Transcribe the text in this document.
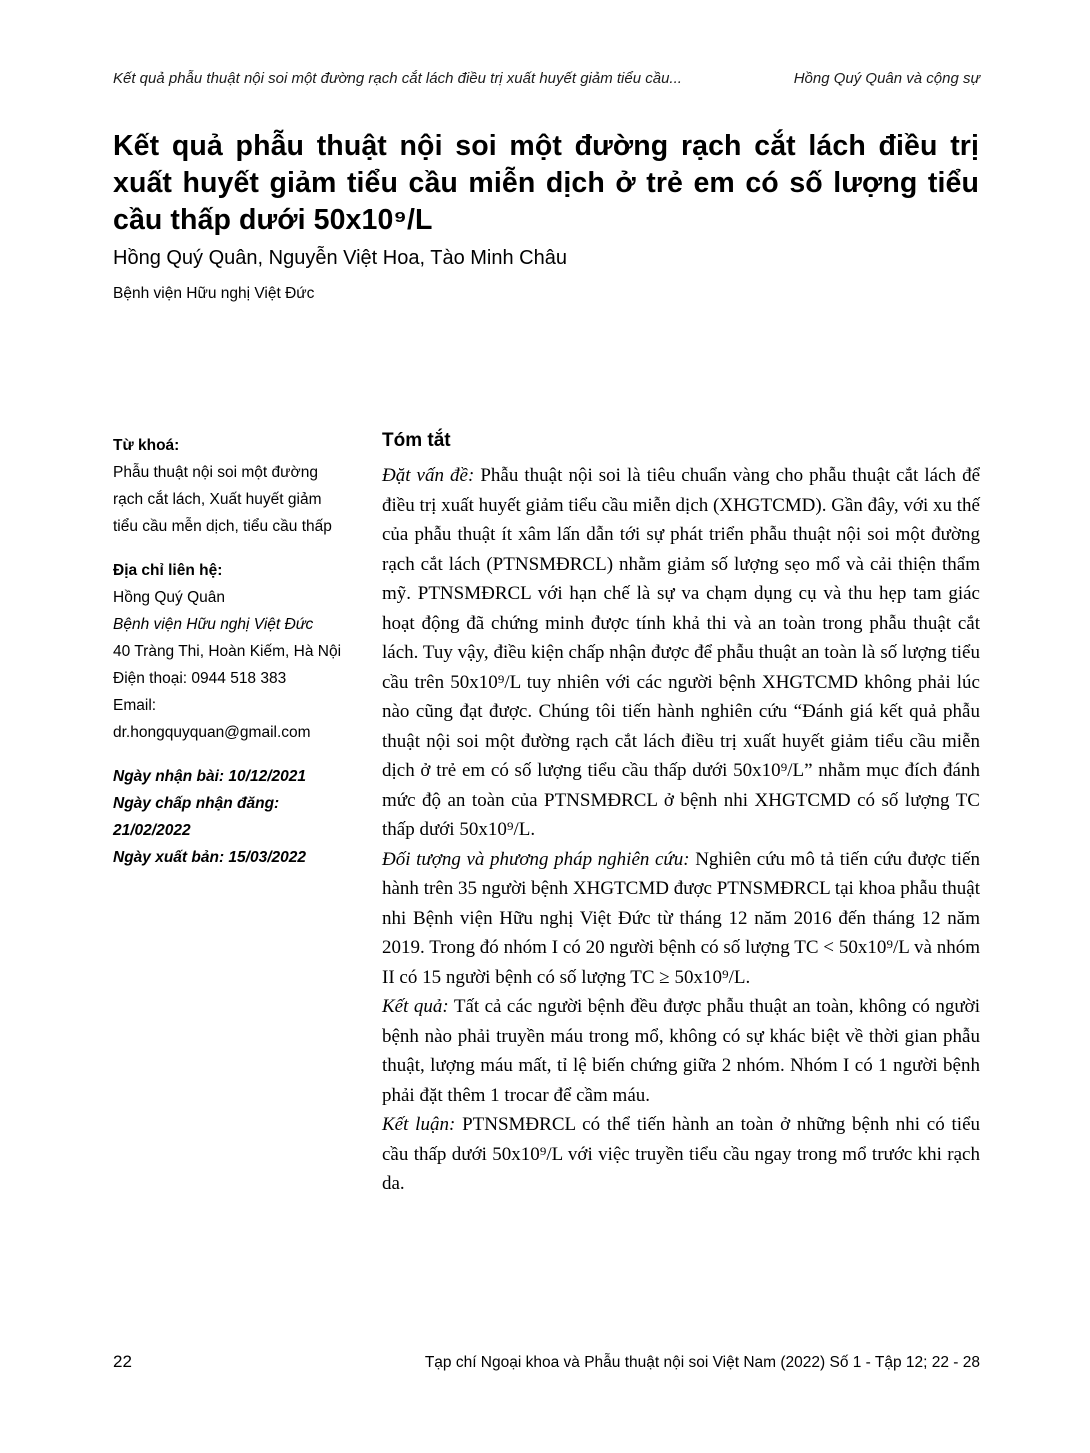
Kết quả phẫu thuật nội soi một đường rạch cắt lách điều trị xuất huyết giảm tiểu cầu...	Hồng Quý Quân và cộng sự
Kết quả phẫu thuật nội soi một đường rạch cắt lách điều trị xuất huyết giảm tiểu cầu miễn dịch ở trẻ em có số lượng tiểu cầu thấp dưới 50x10⁹/L
Hồng Quý Quân, Nguyễn Việt Hoa, Tào Minh Châu
Bệnh viện Hữu nghị Việt Đức
Từ khoá:
Phẫu thuật nội soi một đường rạch cắt lách, Xuất huyết giảm tiểu cầu mễn dịch, tiểu cầu thấp
Địa chỉ liên hệ:
Hồng Quý Quân
Bệnh viện Hữu nghị Việt Đức
40 Tràng Thi, Hoàn Kiếm, Hà Nội
Điện thoại: 0944 518 383
Email: dr.hongquyquan@gmail.com
Ngày nhận bài: 10/12/2021
Ngày chấp nhận đăng: 21/02/2022
Ngày xuất bản: 15/03/2022
Tóm tắt

Đặt vấn đề: Phẫu thuật nội soi là tiêu chuẩn vàng cho phẫu thuật cắt lách để điều trị xuất huyết giảm tiểu cầu miễn dịch (XHGTCMD). Gần đây, với xu thế của phẫu thuật ít xâm lấn dẫn tới sự phát triển phẫu thuật nội soi một đường rạch cắt lách (PTNSMĐRCL) nhằm giảm số lượng sẹo mổ và cải thiện thẩm mỹ. PTNSMĐRCL với hạn chế là sự va chạm dụng cụ và thu hẹp tam giác hoạt động đã chứng minh được tính khả thi và an toàn trong phẫu thuật cắt lách. Tuy vậy, điều kiện chấp nhận được để phẫu thuật an toàn là số lượng tiểu cầu trên 50x10⁹/L tuy nhiên với các người bệnh XHGTCMD không phải lúc nào cũng đạt được. Chúng tôi tiến hành nghiên cứu “Đánh giá kết quả phẫu thuật nội soi một đường rạch cắt lách điều trị xuất huyết giảm tiểu cầu miễn dịch ở trẻ em có số lượng tiểu cầu thấp dưới 50x10⁹/L” nhằm mục đích đánh mức độ an toàn của PTNSMĐRCL ở bệnh nhi XHGTCMD có số lượng TC thấp dưới 50x10⁹/L.

Đối tượng và phương pháp nghiên cứu: Nghiên cứu mô tả tiến cứu được tiến hành trên 35 người bệnh XHGTCMD được PTNSMĐRCL tại khoa phẫu thuật nhi Bệnh viện Hữu nghị Việt Đức từ tháng 12 năm 2016 đến tháng 12 năm 2019. Trong đó nhóm I có 20 người bệnh có số lượng TC < 50x10⁹/L và nhóm II có 15 người bệnh có số lượng TC ≥ 50x10⁹/L.

Kết quả: Tất cả các người bệnh đều được phẫu thuật an toàn, không có người bệnh nào phải truyền máu trong mổ, không có sự khác biệt về thời gian phẫu thuật, lượng máu mất, tỉ lệ biến chứng giữa 2 nhóm. Nhóm I có 1 người bệnh phải đặt thêm 1 trocar để cầm máu.

Kết luận: PTNSMĐRCL có thể tiến hành an toàn ở những bệnh nhi có tiểu cầu thấp dưới 50x10⁹/L với việc truyền tiểu cầu ngay trong mổ trước khi rạch da.

22	Tạp chí Ngoại khoa và Phẫu thuật nội soi Việt Nam (2022) Số 1 - Tập 12; 22 - 28
